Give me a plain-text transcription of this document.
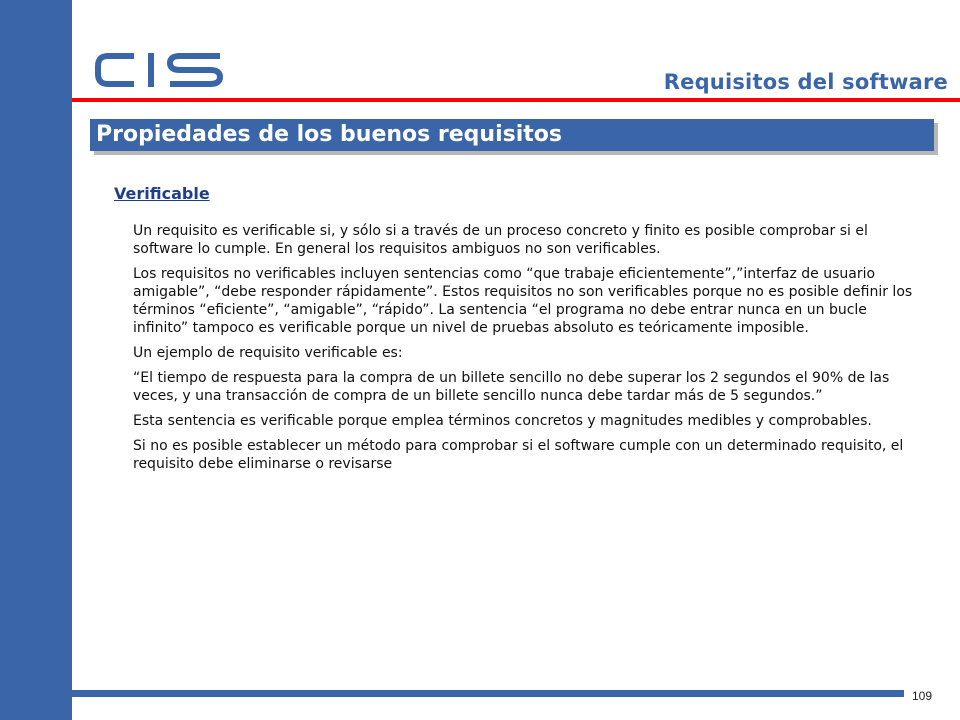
Requisitos del software
Propiedades de los buenos requisitos
Verificable

Un requisito es verificable si, y sólo si a través de un proceso concreto y finito es posible comprobar si el software lo cumple. En general los requisitos ambiguos no son verificables.

Los requisitos no verificables incluyen sentencias como “que trabaje eficientemente”,”interfaz de usuario amigable”, “debe responder rápidamente”. Estos requisitos no son verificables porque no es posible definir los términos “eficiente”, “amigable”, “rápido”. La sentencia “el programa no debe entrar nunca en un bucle infinito” tampoco es verificable porque un nivel de pruebas absoluto es teóricamente imposible.

Un ejemplo de requisito verificable es:

“El tiempo de respuesta para la compra de un billete sencillo no debe superar los 2 segundos el 90% de las veces, y una transacción de compra de un billete sencillo nunca debe tardar más de 5 segundos.”

Esta sentencia es verificable porque emplea términos concretos y magnitudes medibles y comprobables.

Si no es posible establecer un método para comprobar si el software cumple con un determinado requisito, el requisito debe eliminarse o revisarse

109
